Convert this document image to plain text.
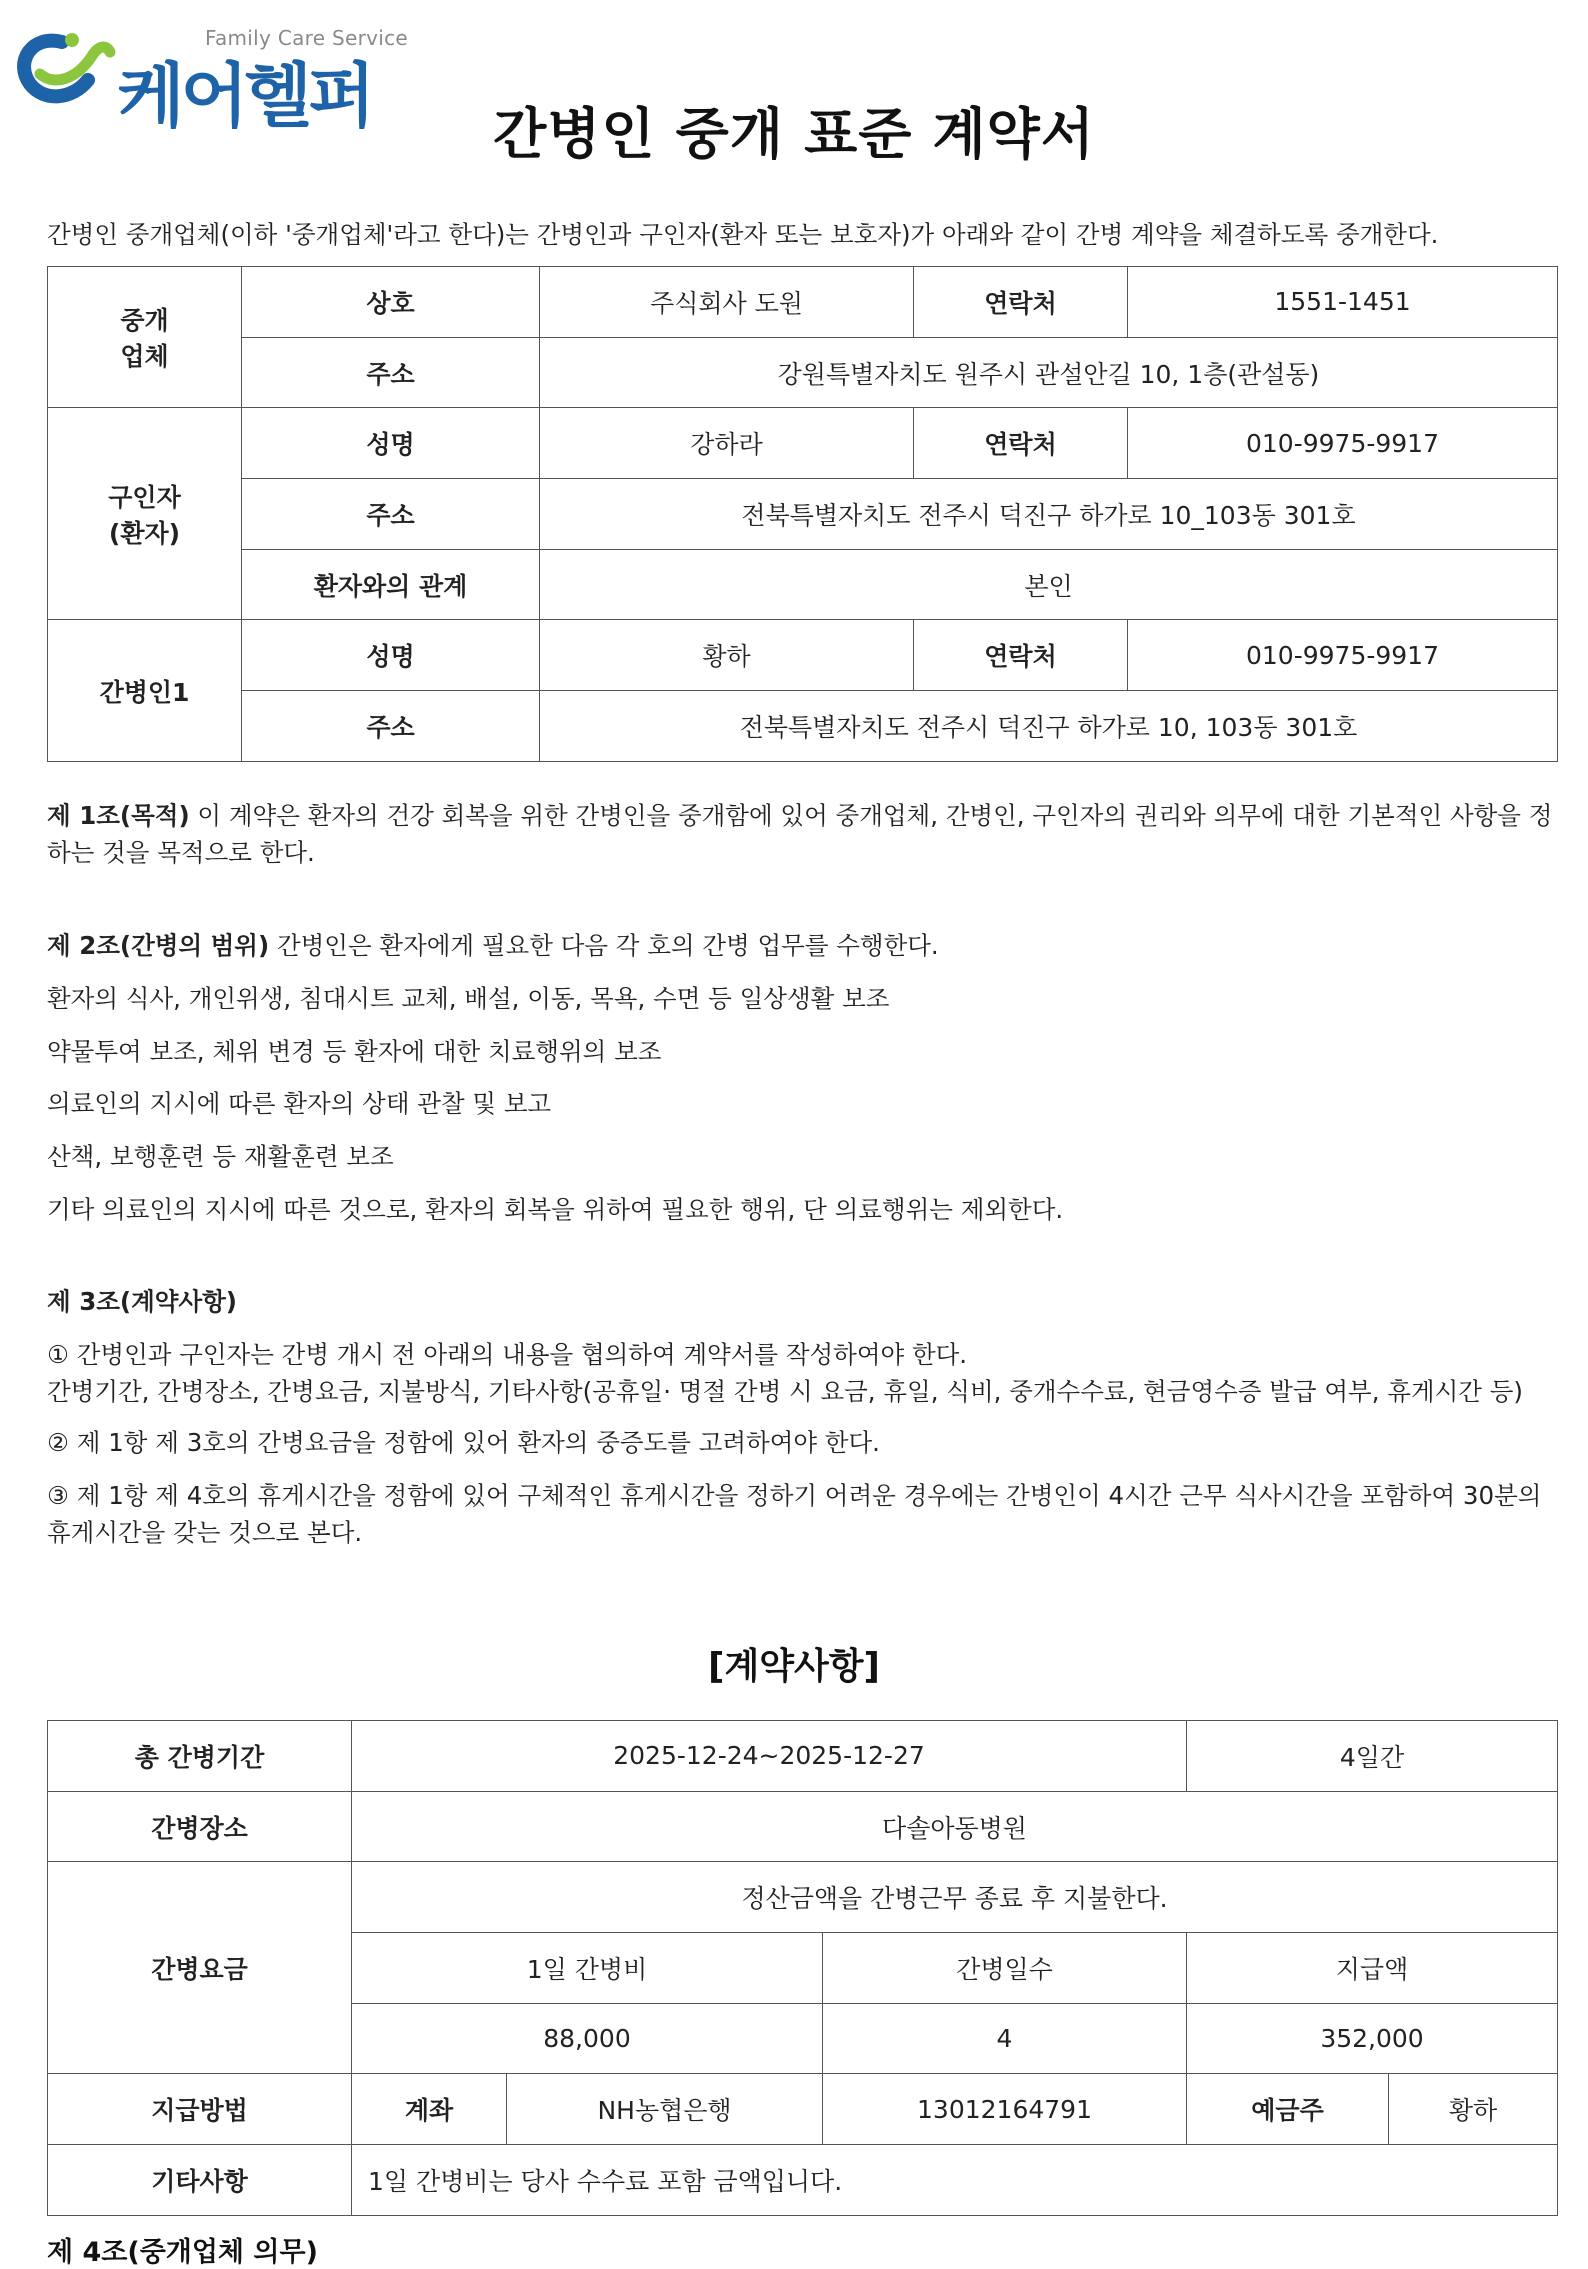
Family Care Service
케어헬퍼	간병인 중개 표준 계약서
간병인 중개업체(이하 '중개업체'라고 한다)는 간병인과 구인자(환자 또는 보호자)가 아래와 같이 간병 계약을 체결하도록 중개한다.
중개
업체	상호	주식회사 도원	연락처	1551-1451
	주소	강원특별자치도 원주시 관설안길 10, 1층(관설동)		
구인자
(환자)	성명	강하라	연락처	010-9975-9917
	주소	전북특별자치도 전주시 덕진구 하가로 10_103동 301호		
	환자와의 관계	본인		
간병인1	성명	황하	연락처	010-9975-9917
	주소	전북특별자치도 전주시 덕진구 하가로 10, 103동 301호		
제 1조(목적) 이 계약은 환자의 건강 회복을 위한 간병인을 중개함에 있어 중개업체, 간병인, 구인자의 권리와 의무에 대한 기본적인 사항을 정하는 것을 목적으로 한다.
제 2조(간병의 범위) 간병인은 환자에게 필요한 다음 각 호의 간병 업무를 수행한다.
환자의 식사, 개인위생, 침대시트 교체, 배설, 이동, 목욕, 수면 등 일상생활 보조
약물투여 보조, 체위 변경 등 환자에 대한 치료행위의 보조
의료인의 지시에 따른 환자의 상태 관찰 및 보고
산책, 보행훈련 등 재활훈련 보조
기타 의료인의 지시에 따른 것으로, 환자의 회복을 위하여 필요한 행위, 단 의료행위는 제외한다.
제 3조(계약사항)
① 간병인과 구인자는 간병 개시 전 아래의 내용을 협의하여 계약서를 작성하여야 한다.
간병기간, 간병장소, 간병요금, 지불방식, 기타사항(공휴일· 명절 간병 시 요금, 휴일, 식비, 중개수수료, 현금영수증 발급 여부, 휴게시간 등)
② 제 1항 제 3호의 간병요금을 정함에 있어 환자의 중증도를 고려하여야 한다.
③ 제 1항 제 4호의 휴게시간을 정함에 있어 구체적인 휴게시간을 정하기 어려운 경우에는 간병인이 4시간 근무 식사시간을 포함하여 30분의 휴게시간을 갖는 것으로 본다.
[계약사항]
총 간병기간	2025-12-24~2025-12-27			4일간	
간병장소	다솔아동병원				
간병요금	정산금액을 간병근무 종료 후 지불한다.				
	1일 간병비		간병일수	지급액	
	88,000		4	352,000	
지급방법	계좌	NH농협은행	13012164791	예금주	황하
기타사항	1일 간병비는 당사 수수료 포함 금액입니다.				
제 4조(중개업체 의무)
